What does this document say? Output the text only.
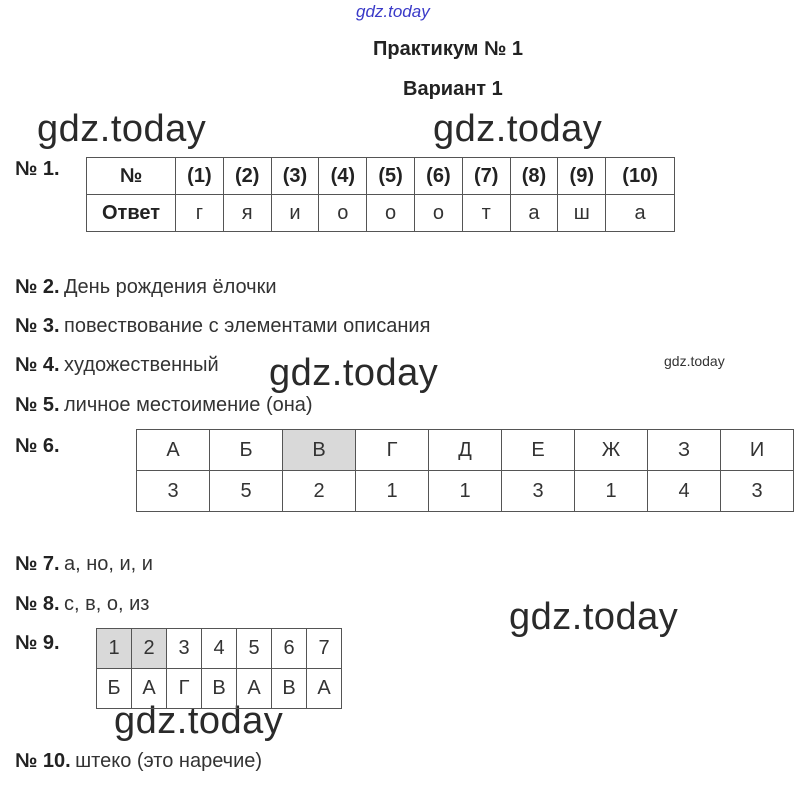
gdz.today
gdz.today	gdz.today
gdz.today	gdz.today
gdz.today
gdz.today
Практикум № 1
Вариант 1
№ 1.	№	(1)	(2)	(3)	(4)	(5)	(6)	(7)	(8)	(9)	(10)
Ответ	г	я	и	о	о	о	т	а	ш	а
№ 2. День рождения ёлочки
№ 3. повествование с элементами описания
№ 4. художественный
№ 5. личное местоимение (она)
№ 6.	А	Б	В	Г	Д	Е	Ж	З	И
3	5	2	1	1	3	1	4	3
№ 7. а, но, и, и
№ 8. с, в, о, из
№ 9. 1	2	3	4	5	6	7
Б	А	Г	В	А	В	А
№ 10. штеко (это наречие)
